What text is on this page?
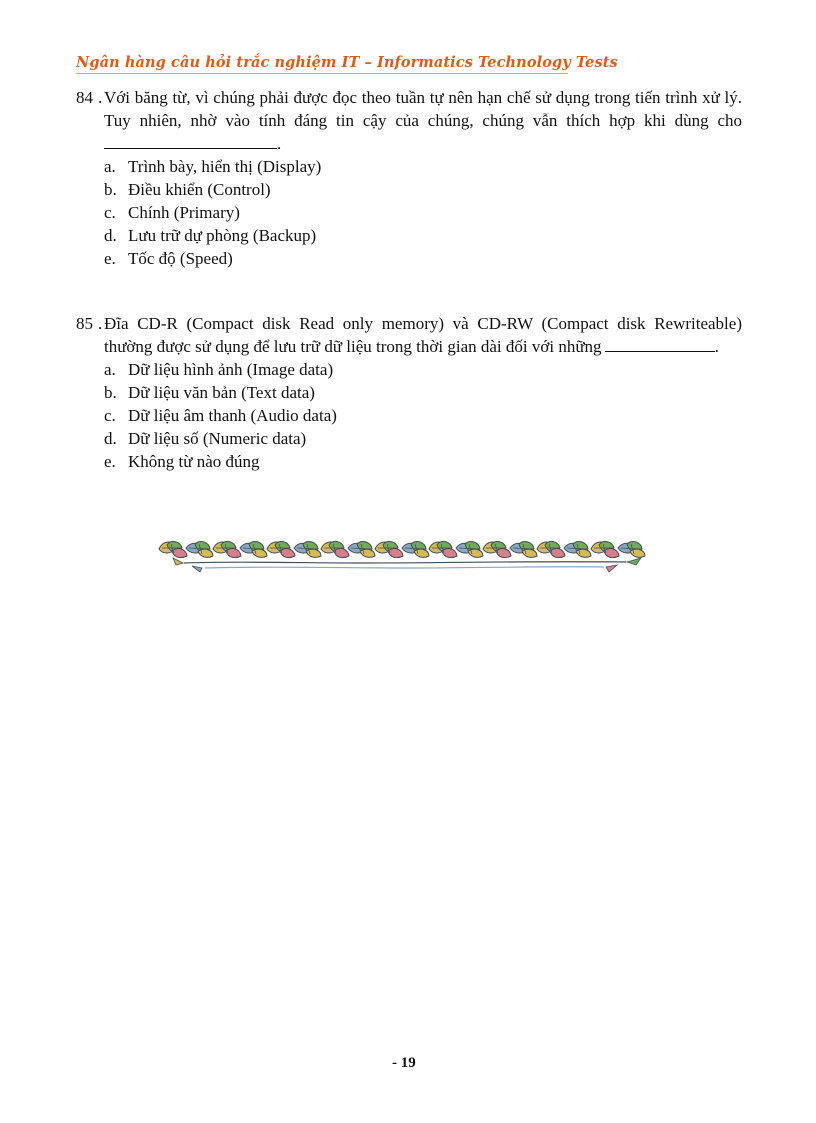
Ngân hàng câu hỏi trắc nghiệm IT – Informatics Technology Tests
84 . Với băng từ, vì chúng phải được đọc theo tuần tự nên hạn chế sử dụng trong tiến trình xử lý. Tuy nhiên, nhờ vào tính đáng tin cậy của chúng, chúng vẫn thích hợp khi dùng cho .
a. Trình bày, hiển thị (Display)
b. Điều khiển (Control)
c. Chính (Primary)
d. Lưu trữ dự phòng (Backup)
e. Tốc độ (Speed)
85 . Đĩa CD-R (Compact disk Read only memory) và CD-RW (Compact disk Rewriteable) thường được sử dụng để lưu trữ dữ liệu trong thời gian dài đối với những	.
a. Dữ liệu hình ảnh (Image data)
b. Dữ liệu văn bản (Text data)
c. Dữ liệu âm thanh (Audio data)
d. Dữ liệu số (Numeric data)
e. Không từ nào đúng
- 19
